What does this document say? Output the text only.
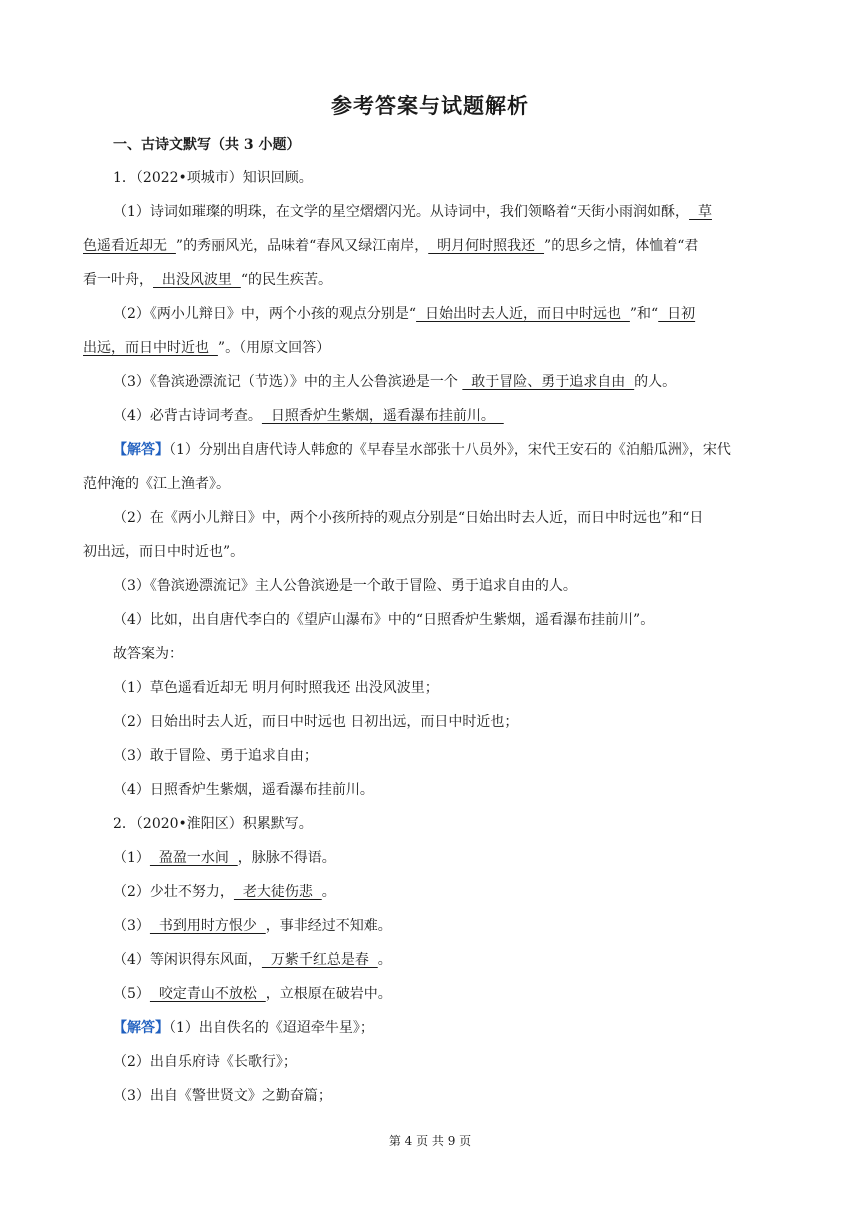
参考答案与试题解析
一、古诗文默写（共 3 小题）
1．（2022•项城市）知识回顾。
（1）诗词如璀璨的明珠，在文学的星空熠熠闪光。从诗词中，我们领略着“天街小雨润如酥，  草
色遥看近却无  ”的秀丽风光，品味着“春风又绿江南岸，  明月何时照我还  ”的思乡之情，体恤着“君
看一叶舟，  出没风波里  “的民生疾苦。
（2）《两小儿辩日》中，两个小孩的观点分别是“  日始出时去人近，而日中时远也  ”和“  日初
出远，而日中时近也  ”。（用原文回答）
（3）《鲁滨逊漂流记（节选）》中的主人公鲁滨逊是一个   敢于冒险、勇于追求自由  的人。
（4）必背古诗词考查。  日照香炉生紫烟，遥看瀑布挂前川。
【解答】（1）分别出自唐代诗人韩愈的《早春呈水部张十八员外》，宋代王安石的《泊船瓜洲》，宋代
范仲淹的《江上渔者》。
（2）在《两小儿辩日》中，两个小孩所持的观点分别是“日始出时去人近，而日中时远也”和“日
初出远，而日中时近也”。
（3）《鲁滨逊漂流记》主人公鲁滨逊是一个敢于冒险、勇于追求自由的人。
（4）比如，出自唐代李白的《望庐山瀑布》中的“日照香炉生紫烟，遥看瀑布挂前川”。
故答案为：
（1）草色遥看近却无 明月何时照我还 出没风波里；
（2）日始出时去人近，而日中时远也 日初出远，而日中时近也；
（3）敢于冒险、勇于追求自由；
（4）日照香炉生紫烟，遥看瀑布挂前川。
2．（2020•淮阳区）积累默写。
（1）  盈盈一水间  ，脉脉不得语。
（2）少壮不努力，  老大徒伤悲  。
（3）  书到用时方恨少  ，事非经过不知难。
（4）等闲识得东风面，  万紫千红总是春  。
（5）  咬定青山不放松  ，立根原在破岩中。
【解答】（1）出自佚名的《迢迢牵牛星》；
（2）出自乐府诗《长歌行》；
（3）出自《警世贤文》之勤奋篇；
第 4 页 共 9 页
